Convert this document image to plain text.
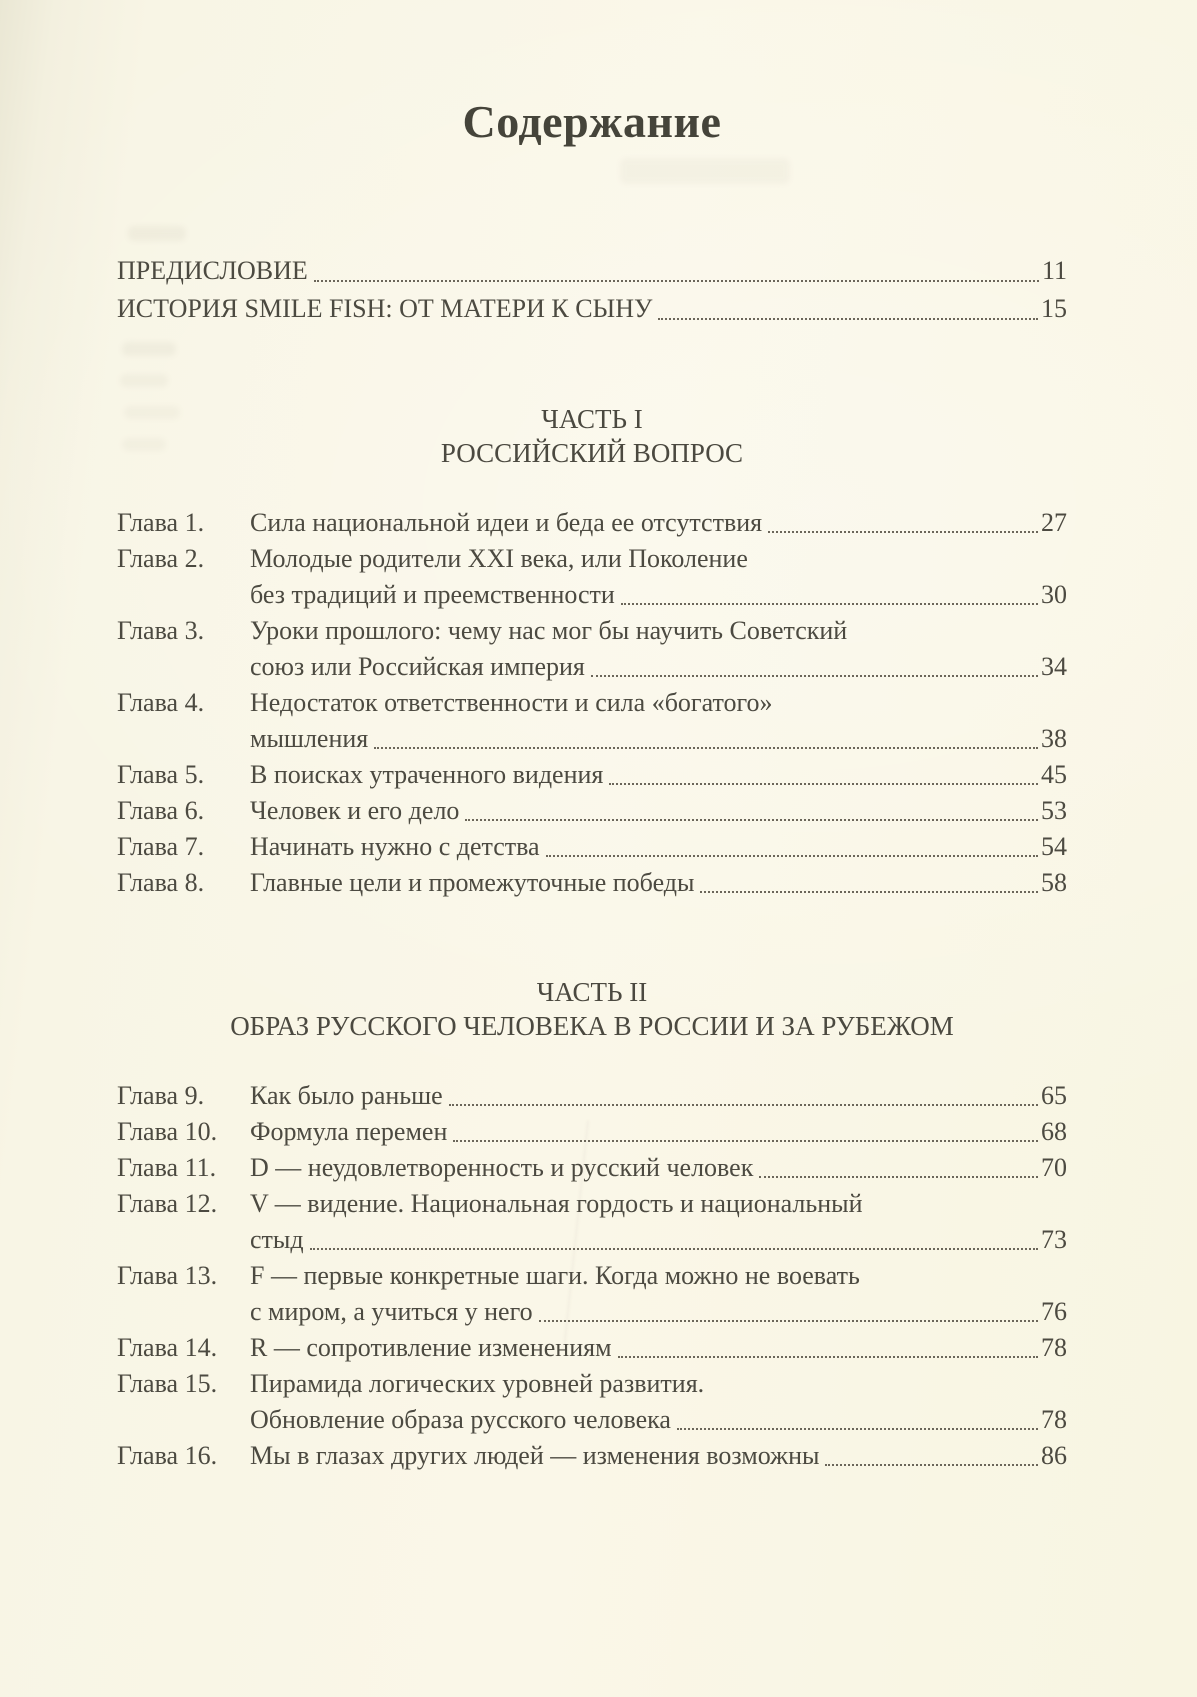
Содержание
ПРЕДИСЛОВИЕ	11
ИСТОРИЯ SMILE FISH: ОТ МАТЕРИ К СЫНУ	15
ЧАСТЬ I
РОССИЙСКИЙ ВОПРОС
Глава 1.	Сила национальной идеи и беда ее отсутствия	27
Глава 2.	Молодые родители XXI века, или Поколение
без традиций и преемственности	30
Глава 3.	Уроки прошлого: чему нас мог бы научить Советский
союз или Российская империя	34
Глава 4.	Недостаток ответственности и сила «богатого»
мышления	38
Глава 5.	В поисках утраченного видения	45
Глава 6.	Человек и его дело	53
Глава 7.	Начинать нужно с детства	54
Глава 8.	Главные цели и промежуточные победы	58
ЧАСТЬ II
ОБРАЗ РУССКОГО ЧЕЛОВЕКА В РОССИИ И ЗА РУБЕЖОМ
Глава 9.	Как было раньше	65
Глава 10.	Формула перемен	68
Глава 11.	D — неудовлетворенность и русский человек	70
Глава 12.	V — видение. Национальная гордость и национальный
стыд	73
Глава 13.	F — первые конкретные шаги. Когда можно не воевать
с миром, а учиться у него	76
Глава 14.	R — сопротивление изменениям	78
Глава 15.	Пирамида логических уровней развития.
Обновление образа русского человека	78
Глава 16.	Мы в глазах других людей — изменения возможны	86
